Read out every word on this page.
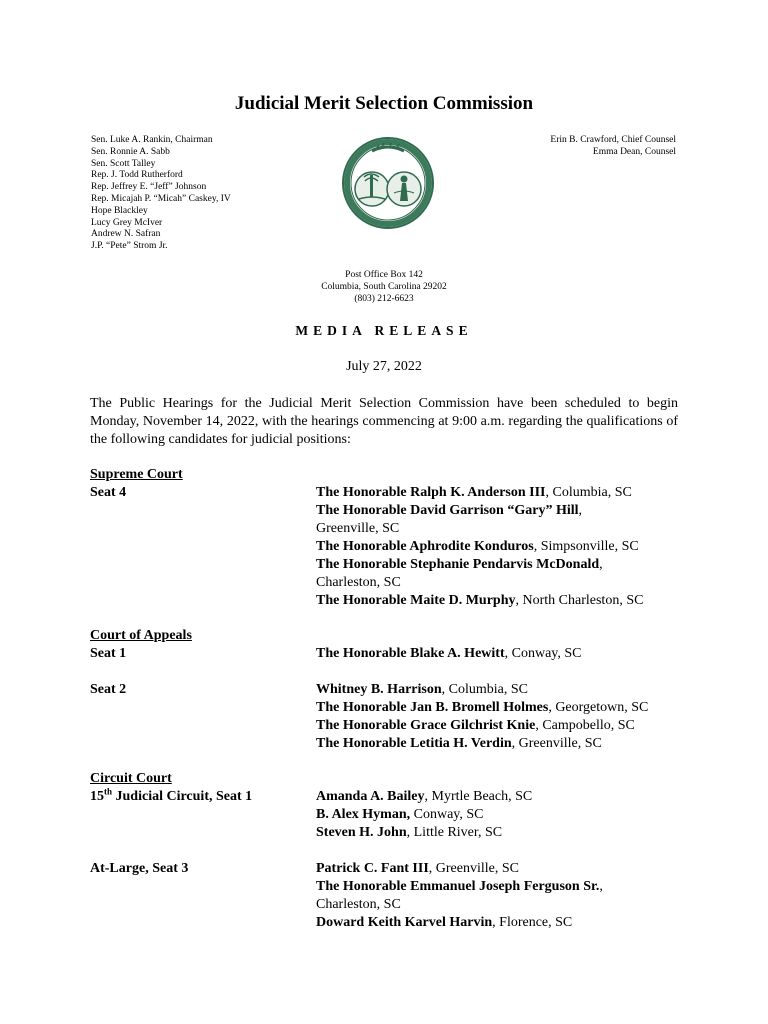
Judicial Merit Selection Commission
Sen. Luke A. Rankin, Chairman
Sen. Ronnie A. Sabb
Sen. Scott Talley
Rep. J. Todd Rutherford
Rep. Jeffrey E. “Jeff” Johnson
Rep. Micajah P. “Micah” Caskey, IV
Hope Blackley
Lucy Grey McIver
Andrew N. Safran
J.P. “Pete” Strom Jr.
Erin B. Crawford, Chief Counsel
Emma Dean, Counsel
Post Office Box 142
Columbia, South Carolina 29202
(803) 212-6623
MEDIA RELEASE
July 27, 2022
The Public Hearings for the Judicial Merit Selection Commission have been scheduled to begin Monday, November 14, 2022, with the hearings commencing at 9:00 a.m. regarding the qualifications of the following candidates for judicial positions:
Supreme Court
Seat 4	The Honorable Ralph K. Anderson III, Columbia, SC
The Honorable David Garrison “Gary” Hill,
Greenville, SC
The Honorable Aphrodite Konduros, Simpsonville, SC
The Honorable Stephanie Pendarvis McDonald,
Charleston, SC
The Honorable Maite D. Murphy, North Charleston, SC
Court of Appeals
Seat 1	The Honorable Blake A. Hewitt, Conway, SC
Seat 2	Whitney B. Harrison, Columbia, SC
The Honorable Jan B. Bromell Holmes, Georgetown, SC
The Honorable Grace Gilchrist Knie, Campobello, SC
The Honorable Letitia H. Verdin, Greenville, SC
Circuit Court
15th Judicial Circuit, Seat 1	Amanda A. Bailey, Myrtle Beach, SC
B. Alex Hyman, Conway, SC
Steven H. John, Little River, SC
At-Large, Seat 3	Patrick C. Fant III, Greenville, SC
The Honorable Emmanuel Joseph Ferguson Sr.,
Charleston, SC
Doward Keith Karvel Harvin, Florence, SC
